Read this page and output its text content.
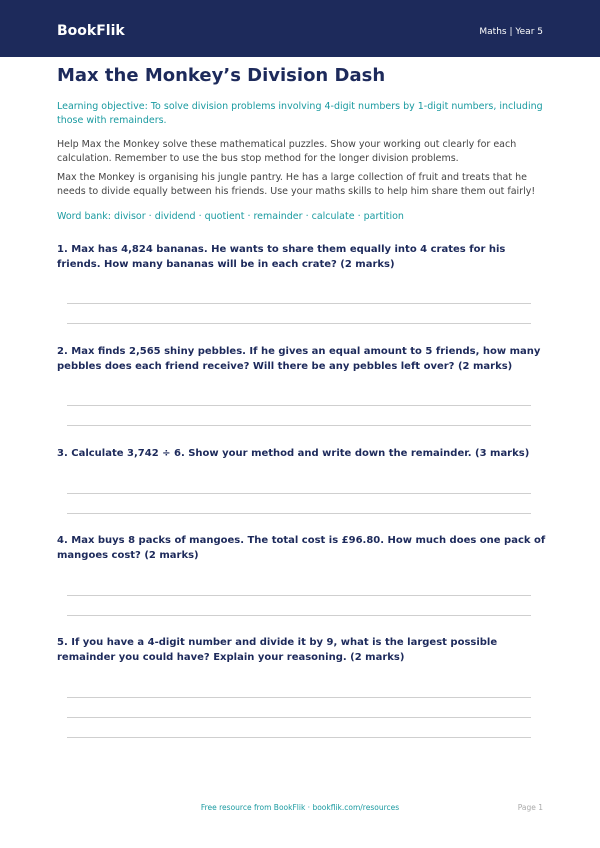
BookFlik	Maths | Year 5
Max the Monkey’s Division Dash

Learning objective: To solve division problems involving 4-digit numbers by 1-digit numbers, including those with remainders.

Help Max the Monkey solve these mathematical puzzles. Show your working out clearly for each calculation. Remember to use the bus stop method for the longer division problems.

Max the Monkey is organising his jungle pantry. He has a large collection of fruit and treats that he needs to divide equally between his friends. Use your maths skills to help him share them out fairly!

Word bank: divisor · dividend · quotient · remainder · calculate · partition

1. Max has 4,824 bananas. He wants to share them equally into 4 crates for his friends. How many bananas will be in each crate? (2 marks)

2. Max finds 2,565 shiny pebbles. If he gives an equal amount to 5 friends, how many pebbles does each friend receive? Will there be any pebbles left over? (2 marks)

3. Calculate 3,742 ÷ 6. Show your method and write down the remainder. (3 marks)

4. Max buys 8 packs of mangoes. The total cost is £96.80. How much does one pack of mangoes cost? (2 marks)

5. If you have a 4-digit number and divide it by 9, what is the largest possible remainder you could have? Explain your reasoning. (2 marks)

Free resource from BookFlik · bookflik.com/resources	Page 1
